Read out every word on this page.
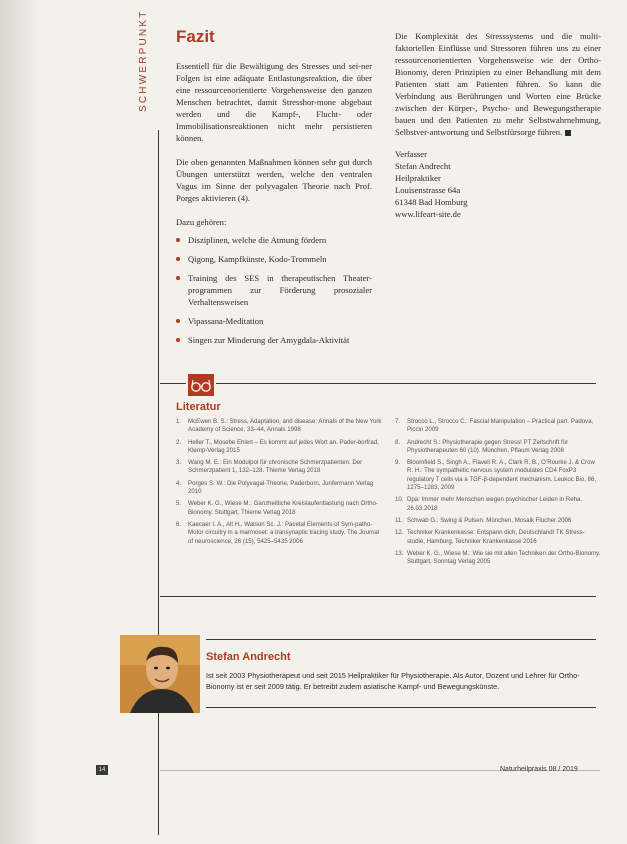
SCHWERPUNKT Fazit

Essentiell für die Bewältigung des Stresses und sei-ner Folgen ist eine adäquate Entlastungsreaktion, die über eine ressourcenorientierte Vorgehensweise den ganzen Menschen betrachtet, damit Stresshor-mone abgebaut werden und die Kampf-, Flucht- oder Immobilisationsreaktionen nicht mehr persistieren können.

Die oben genannten Maßnahmen können sehr gut durch Übungen unterstützt werden, welche den ventralen Vagus im Sinne der polyvagalen Theorie nach Prof. Porges aktivieren (4).

Dazu gehören:
Disziplinen, welche die Atmung fördern
Qigong, Kampfkünste, Kodo-Trommeln
Training des SES in therapeutischen Theater-programmen zur Förderung prosozialer Verhaltensweisen
Vipassana-Meditation
Singen zur Minderung der Amygdala-Aktivität

Die Komplexität des Stresssystems und die multi-faktoriellen Einflüsse und Stressoren führen uns zu einer ressourcenorientierten Vorgehensweise wie der Ortho-Bionomy, deren Prinzipien zu einer Behandlung mit dem Patienten statt am Patienten führen. So kann die Verbindung aus Berührungen und Worten eine Brücke zwischen der Körper-, Psycho- und Bewegungstherapie bauen und den Patienten zu mehr Selbstwahrnehmung, Selbstver-antwortung und Selbstfürsorge führen.

Verfasser
Stefan Andrecht
Heilpraktiker
Louisenstrasse 64a
61348 Bad Homburg
www.lifeart-site.de
Literatur
1.	McEwen B. S.: Stress, Adaptation, and disease: Annals of the New York Academy of Science, 33–44, Annals 1998
2.	Heller T., Mosebe Ehlert – Es kommt auf jedes Wort an. Pader-borfrad, Klemp-Verlag 2015
3.	Wang M. E.: Ein Modulpol für chronische Schmerzpatienten. Der Schmerzpatient 1, 132–128. Thieme Verlag 2018
4.	Porges S. W.: Die Polyvagal-Theorie, Paderborn, Junfermann Verlag 2010
5.	Weber K. G., Wiese M.: Ganzheitliche Kreislaufentlastung nach Ortho-Bionomy. Stuttgart, Thieme Verlag 2018
6.	Kaecaer I. A., Alt H., Watson Sc. J.: Pacetal Elements of Sym-patho-Motor circuitry in a marmoset: a transynaptic tracing study. The Journal of neuroscience, 26 (15), 5425–5435 2006
7.	Strocco L., Strocco C.: Fascial Manipulation – Practical part. Padova, Piccin 2009
8.	Andrecht S.: Physiotherapie gegen Stress! PT Zeitschrift für Physiotherapeuten 60 (10). München, Pflaum Verlag 2008
9.	Bloomfield S., Singh A., Flavell R. A., Clark R. B., O’Rourke J. & Crow R. H.: The sympathetic nervous system modulates CD4 FoxP3 regulatory T cells via a TGF-β-dependent mechanism. Leukoc Bio, 86, 1275–1283, 2009
10. Dpa: Immer mehr Menschen wegen psychischer Leiden in Reha. 26.03.2018
11. Schwab G.: Swing & Pulsen. München, Mosaik Flucher 2006
12. Techniker Krankenkasse: Entspann dich, Deutschland! TK Stress-studie, Hamburg, Techniker Krankenkasse 2016
13. Weber K. G., Wiese M.: Wie sie mit allen Techniken der Ortho-Bionomy. Stuttgart, Sonntag Verlag 2005
Stefan Andrecht
Ist seit 2003 Physiotherapeut und seit 2015 Heilpraktiker für Physiotherapie. Als Autor, Dozent und Lehrer für Ortho-Bionomy ist er seit 2009 tätig. Er betreibt zudem asiatische Kampf- und Bewegungskünste.
14	Naturheilpraxis 08 / 2019
